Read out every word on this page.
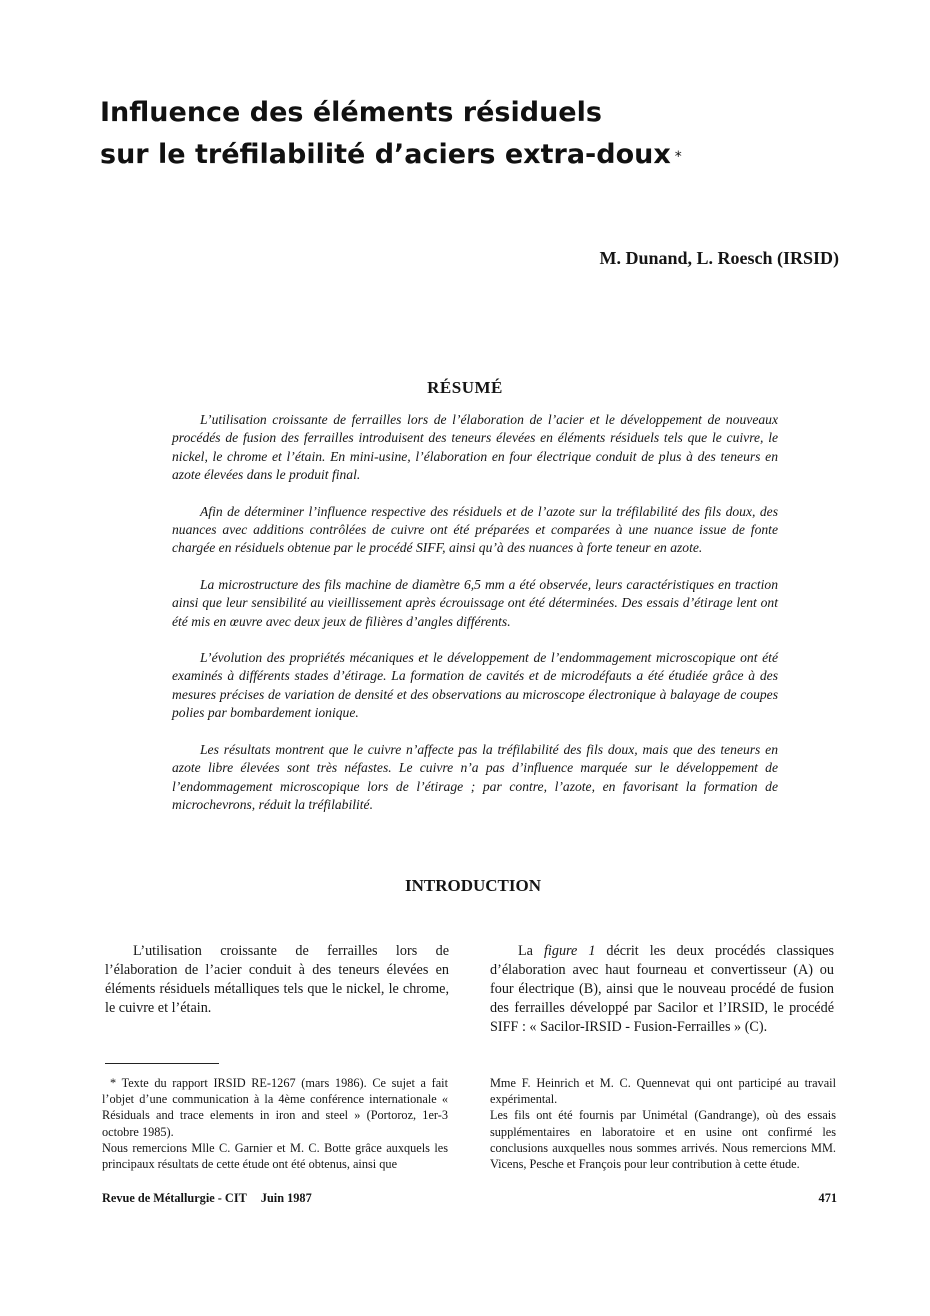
Influence des éléments résiduels
sur le tréfilabilité d’aciers extra-doux *

M. Dunand, L. Roesch (IRSID)

RÉSUMÉ

L’utilisation croissante de ferrailles lors de l’élaboration de l’acier et le développement de nouveaux procédés de fusion des ferrailles introduisent des teneurs élevées en éléments résiduels tels que le cuivre, le nickel, le chrome et l’étain. En mini-usine, l’élaboration en four électrique conduit de plus à des teneurs en azote élevées dans le produit final.

Afin de déterminer l’influence respective des résiduels et de l’azote sur la tréfilabilité des fils doux, des nuances avec additions contrôlées de cuivre ont été préparées et comparées à une nuance issue de fonte chargée en résiduels obtenue par le procédé SIFF, ainsi qu’à des nuances à forte teneur en azote.

La microstructure des fils machine de diamètre 6,5 mm a été observée, leurs caractéristiques en traction ainsi que leur sensibilité au vieillissement après écrouissage ont été déterminées. Des essais d’étirage lent ont été mis en œuvre avec deux jeux de filières d’angles différents.

L’évolution des propriétés mécaniques et le développement de l’endommagement microscopique ont été examinés à différents stades d’étirage. La formation de cavités et de microdéfauts a été étudiée grâce à des mesures précises de variation de densité et des observations au microscope électronique à balayage de coupes polies par bombardement ionique.

Les résultats montrent que le cuivre n’affecte pas la tréfilabilité des fils doux, mais que des teneurs en azote libre élevées sont très néfastes. Le cuivre n’a pas d’influence marquée sur le développement de l’endommagement microscopique lors de l’étirage ; par contre, l’azote, en favorisant la formation de microchevrons, réduit la tréfilabilité.

INTRODUCTION

L’utilisation croissante de ferrailles lors de l’élaboration de l’acier conduit à des teneurs élevées en éléments résiduels métalliques tels que le nickel, le chrome, le cuivre et l’étain.

La figure 1 décrit les deux procédés classiques d’élaboration avec haut fourneau et convertisseur (A) ou four électrique (B), ainsi que le nouveau procédé de fusion des ferrailles développé par Sacilor et l’IRSID, le procédé SIFF : « Sacilor-IRSID - Fusion-Ferrailles » (C).

* Texte du rapport IRSID RE-1267 (mars 1986). Ce sujet a fait l’objet d’une communication à la 4ème conférence internationale « Résiduals and trace elements in iron and steel » (Portoroz, 1er-3 octobre 1985).

Nous remercions Mlle C. Garnier et M. C. Botte grâce auxquels les principaux résultats de cette étude ont été obtenus, ainsi que

Mme F. Heinrich et M. C. Quennevat qui ont participé au travail expérimental.

Les fils ont été fournis par Unimétal (Gandrange), où des essais supplémentaires en laboratoire et en usine ont confirmé les conclusions auxquelles nous sommes arrivés. Nous remercions MM. Vicens, Pesche et François pour leur contribution à cette étude.

Revue de Métallurgie - CIT Juin 1987	471
